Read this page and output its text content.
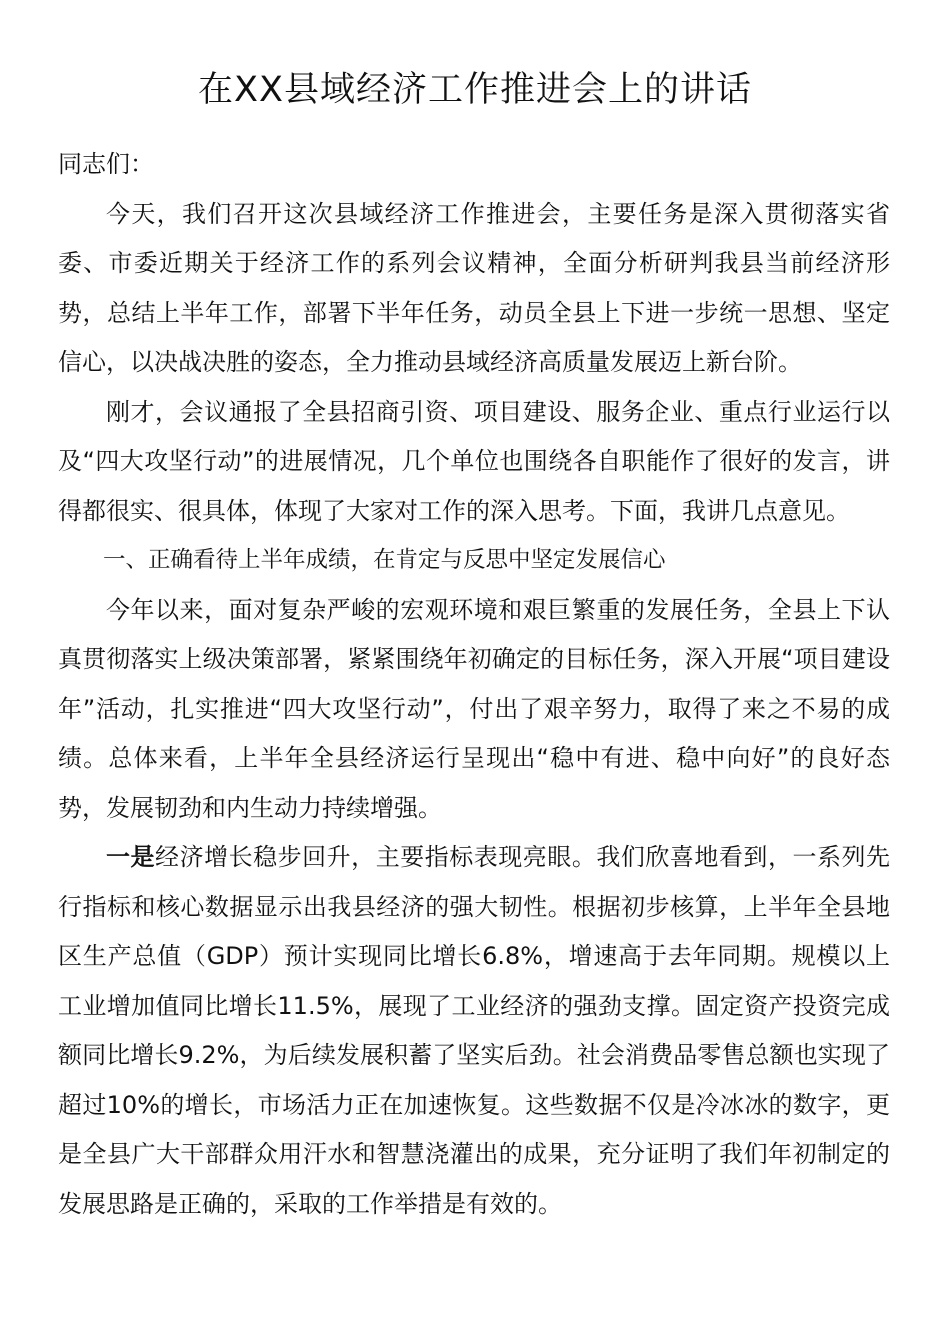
在XX县域经济工作推进会上的讲话

同志们：

今天，我们召开这次县域经济工作推进会，主要任务是深入贯彻落实省委、市委近期关于经济工作的系列会议精神，全面分析研判我县当前经济形势，总结上半年工作，部署下半年任务，动员全县上下进一步统一思想、坚定信心，以决战决胜的姿态，全力推动县域经济高质量发展迈上新台阶。

刚才，会议通报了全县招商引资、项目建设、服务企业、重点行业运行以及“四大攻坚行动”的进展情况，几个单位也围绕各自职能作了很好的发言，讲得都很实、很具体，体现了大家对工作的深入思考。下面，我讲几点意见。

一、正确看待上半年成绩，在肯定与反思中坚定发展信心

今年以来，面对复杂严峻的宏观环境和艰巨繁重的发展任务，全县上下认真贯彻落实上级决策部署，紧紧围绕年初确定的目标任务，深入开展“项目建设年”活动，扎实推进“四大攻坚行动”，付出了艰辛努力，取得了来之不易的成绩。总体来看，上半年全县经济运行呈现出“稳中有进、稳中向好”的良好态势，发展韧劲和内生动力持续增强。

一是经济增长稳步回升，主要指标表现亮眼。我们欣喜地看到，一系列先行指标和核心数据显示出我县经济的强大韧性。根据初步核算，上半年全县地区生产总值（GDP）预计实现同比增长6.8%，增速高于去年同期。规模以上工业增加值同比增长11.5%，展现了工业经济的强劲支撑。固定资产投资完成额同比增长9.2%，为后续发展积蓄了坚实后劲。社会消费品零售总额也实现了超过10%的增长，市场活力正在加速恢复。这些数据不仅是冷冰冰的数字，更是全县广大干部群众用汗水和智慧浇灌出的成果，充分证明了我们年初制定的发展思路是正确的，采取的工作举措是有效的。
